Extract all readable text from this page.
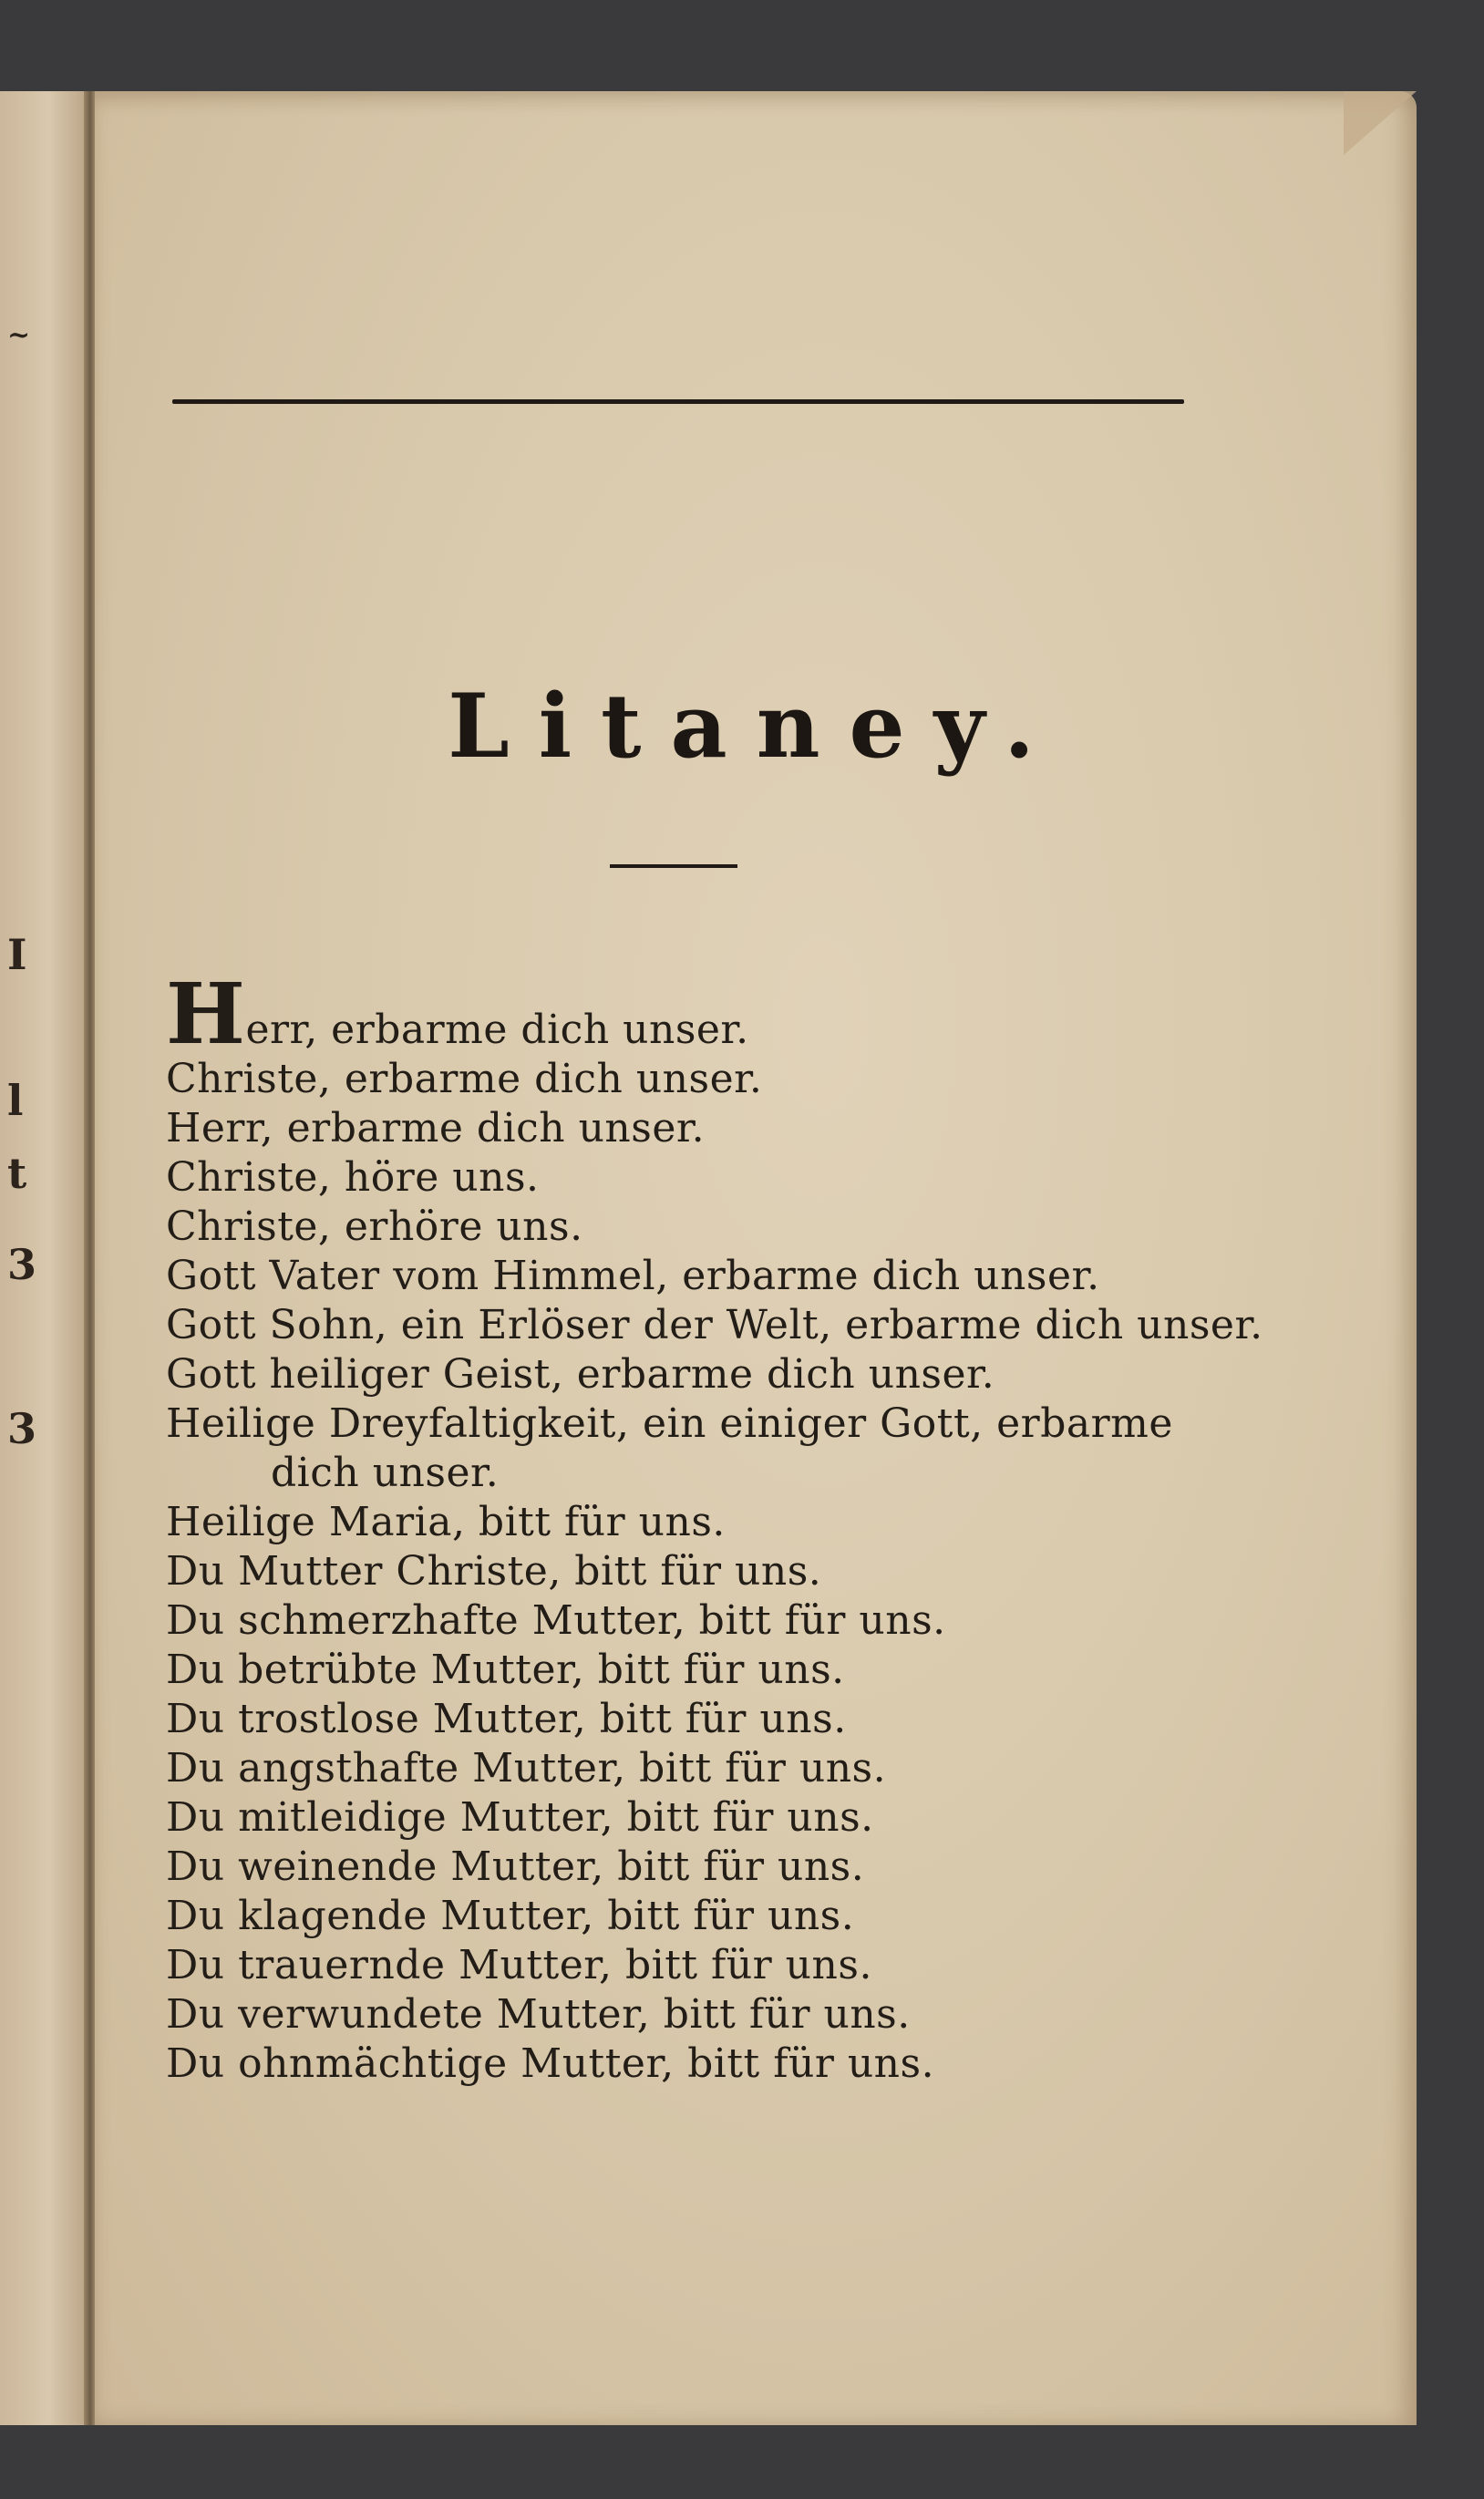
~
I
l
t
3
3
Litaney.
Herr, erbarme dich unser.
Christe, erbarme dich unser.
Herr, erbarme dich unser.
Christe, höre uns.
Christe, erhöre uns.
Gott Vater vom Himmel, erbarme dich unser.
Gott Sohn, ein Erlöser der Welt, erbarme dich unser.
Gott heiliger Geist, erbarme dich unser.
Heilige Dreyfaltigkeit, ein einiger Gott, erbarme
dich unser.
Heilige Maria, bitt für uns.
Du Mutter Christe, bitt für uns.
Du schmerzhafte Mutter, bitt für uns.
Du betrübte Mutter, bitt für uns.
Du trostlose Mutter, bitt für uns.
Du angsthafte Mutter, bitt für uns.
Du mitleidige Mutter, bitt für uns.
Du weinende Mutter, bitt für uns.
Du klagende Mutter, bitt für uns.
Du trauernde Mutter, bitt für uns.
Du verwundete Mutter, bitt für uns.
Du ohnmächtige Mutter, bitt für uns.
